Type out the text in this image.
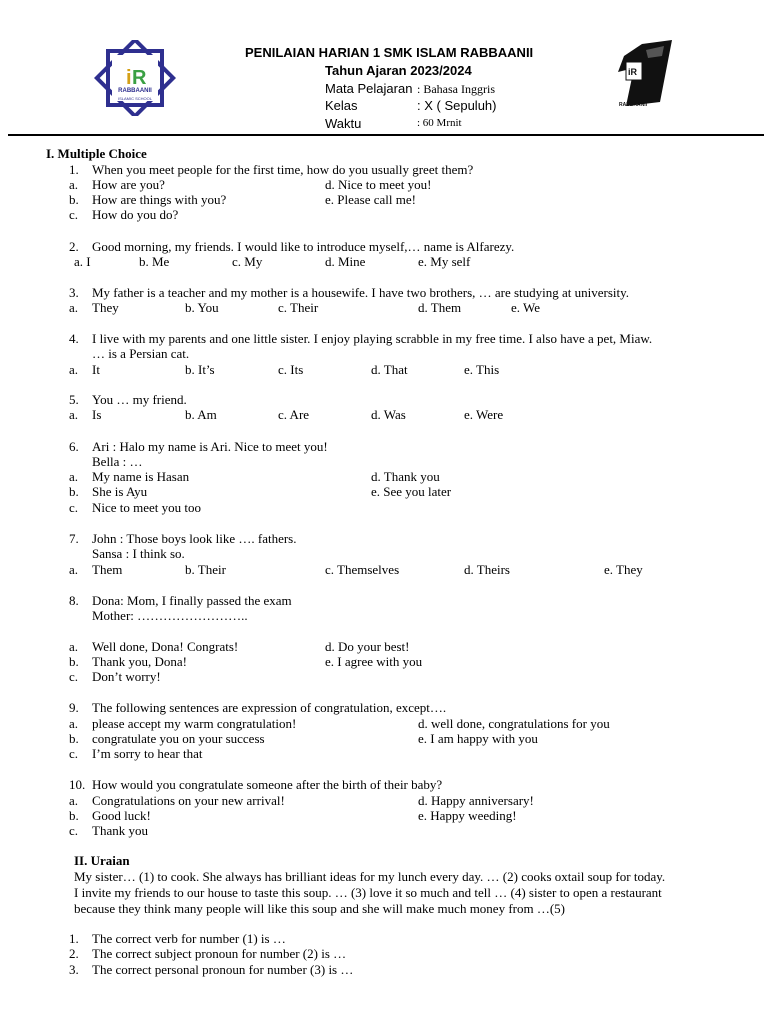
i R
RABBAANII
ISLAMIC SCHOOL
PENILAIAN HARIAN 1 SMK ISLAM RABBAANII
Tahun Ajaran 2023/2024
Mata Pelajaran : Bahasa Inggris
Kelas	: X ( Sepuluh)
Waktu	: 60 Mrnit
iR
RABBAANII
I. Multiple Choice
1. When you meet people for the first time, how do you usually greet them?
a. How are you?	d. Nice to meet you!
b. How are things with you?	e. Please call me!
c. How do you do?
2. Good morning, my friends. I would like to introduce myself,… name is Alfarezy.
a. I	b. Me	c. My	d. Mine	e. My self
3. My father is a teacher and my mother is a housewife. I have two brothers, … are studying at university.
a. They	b. You	c. Their	d. Them	e. We
4. I live with my parents and one little sister. I enjoy playing scrabble in my free time. I also have a pet, Miaw.
… is a Persian cat.
a. It	b. It’s	c. Its	d. That	e. This
5. You … my friend.
a. Is	b. Am	c. Are	d. Was	e. Were
6. Ari : Halo my name is Ari. Nice to meet you!
Bella : …
a. My name is Hasan	d. Thank you
b. She is Ayu	e. See you later
c. Nice to meet you too
7. John : Those boys look like …. fathers.
Sansa : I think so.
a. Them	b. Their	c. Themselves	d. Theirs	e. They
8. Dona: Mom, I finally passed the exam
Mother: ……………………..
a. Well done, Dona! Congrats!	d. Do your best!
b. Thank you, Dona!	e. I agree with you
c. Don’t worry!
9. The following sentences are expression of congratulation, except….
a. please accept my warm congratulation!	d. well done, congratulations for you
b. congratulate you on your success	e. I am happy with you
c. I’m sorry to hear that
10. How would you congratulate someone after the birth of their baby?
a. Congratulations on your new arrival!	d. Happy anniversary!
b. Good luck!	e. Happy weeding!
c. Thank you
II. Uraian
My sister… (1) to cook. She always has brilliant ideas for my lunch every day. … (2) cooks oxtail soup for today.
I invite my friends to our house to taste this soup. … (3) love it so much and tell … (4) sister to open a restaurant
because they think many people will like this soup and she will make much money from …(5)
1. The correct verb for number (1) is …
2. The correct subject pronoun for number (2) is …
3. The correct personal pronoun for number (3) is …
